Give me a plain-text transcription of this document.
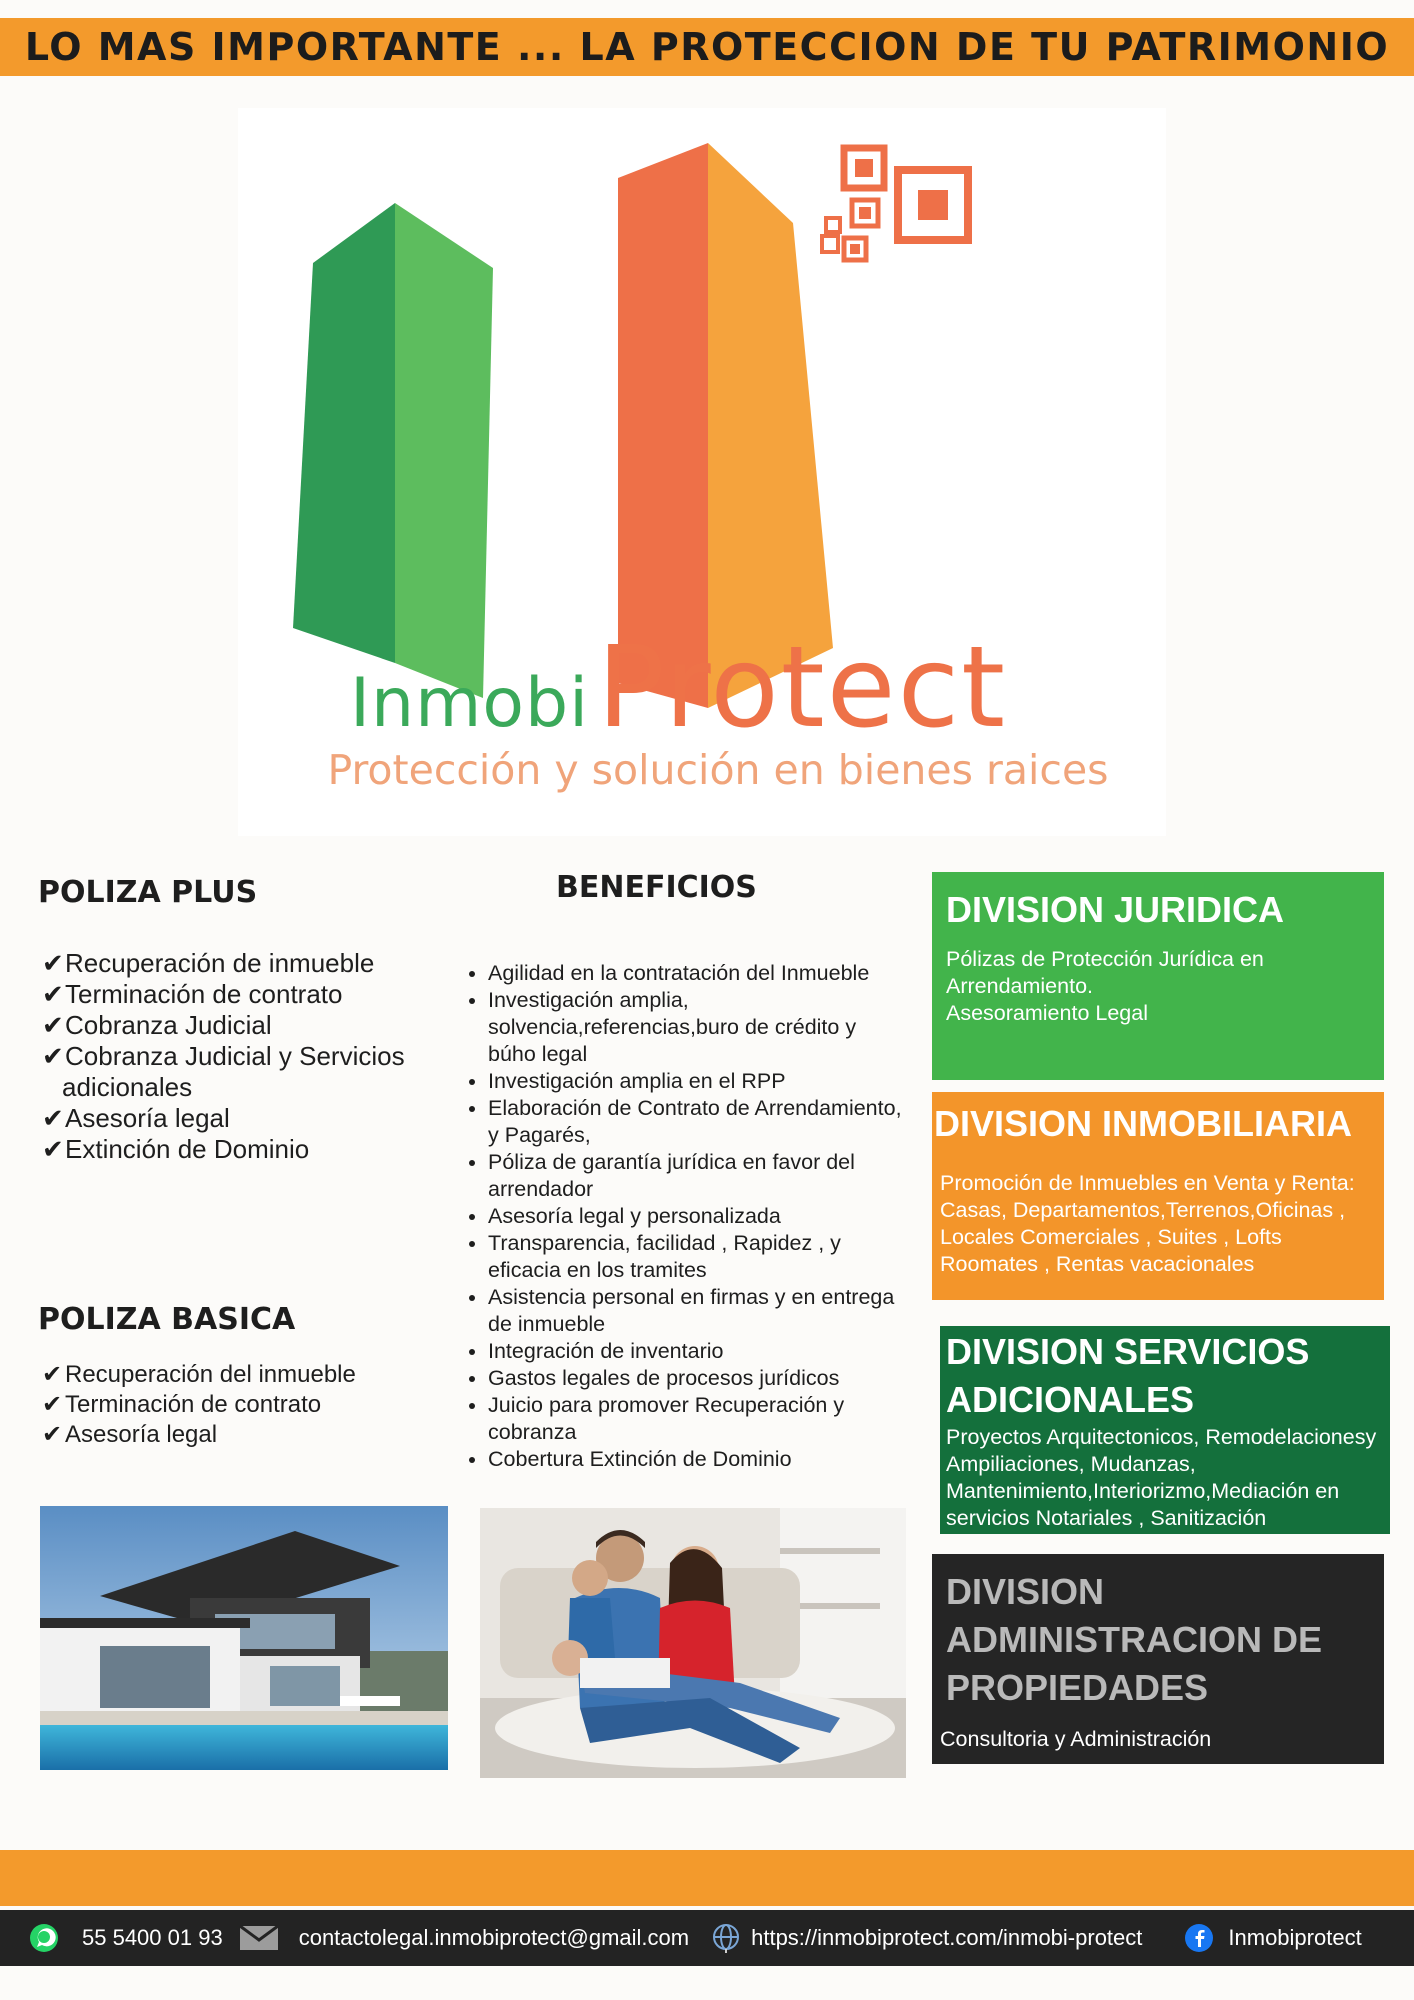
LO MAS IMPORTANTE ... LA PROTECCION DE TU PATRIMONIO
Inmobi Protect
Protección y solución en bienes raices
POLIZA PLUS
✔Recuperación de inmueble
✔Terminación de contrato
✔Cobranza Judicial
✔Cobranza Judicial y Servicios
adicionales
✔Asesoría legal
✔Extinción de Dominio
POLIZA BASICA
✔ Recuperación del inmueble
✔ Terminación de contrato
✔ Asesoría legal
BENEFICIOS
• Agilidad en la contratación del Inmueble
• Investigación amplia, solvencia,referencias,buro de crédito y búho legal
• Investigación amplia en el RPP
• Elaboración de Contrato de Arrendamiento, y Pagarés,
• Póliza de garantía jurídica en favor del arrendador
• Asesoría legal y personalizada
• Transparencia, facilidad , Rapidez , y eficacia en los tramites
• Asistencia personal en firmas y en entrega de inmueble
• Integración de inventario
• Gastos legales de procesos jurídicos
• Juicio para promover Recuperación y cobranza
• Cobertura Extinción de Dominio
DIVISION JURIDICA

Pólizas de Protección Jurídica en
Arrendamiento.
Asesoramiento Legal

DIVISION INMOBILIARIA

Promoción de Inmuebles en Venta y Renta:
Casas, Departamentos,Terrenos,Oficinas ,
Locales Comerciales , Suites , Lofts
Roomates , Rentas vacacionales

DIVISION SERVICIOS
ADICIONALES

Proyectos Arquitectonicos, Remodelacionesy
Ampiliaciones, Mudanzas,
Mantenimiento,Interiorizmo,Mediación en
servicios Notariales , Sanitización

DIVISION
ADMINISTRACION DE
PROPIEDADES

Consultoria y Administración

55 5400 01 93	contactolegal.inmobiprotect@gmail.com	https://inmobiprotect.com/inmobi-protect	Inmobiprotect
